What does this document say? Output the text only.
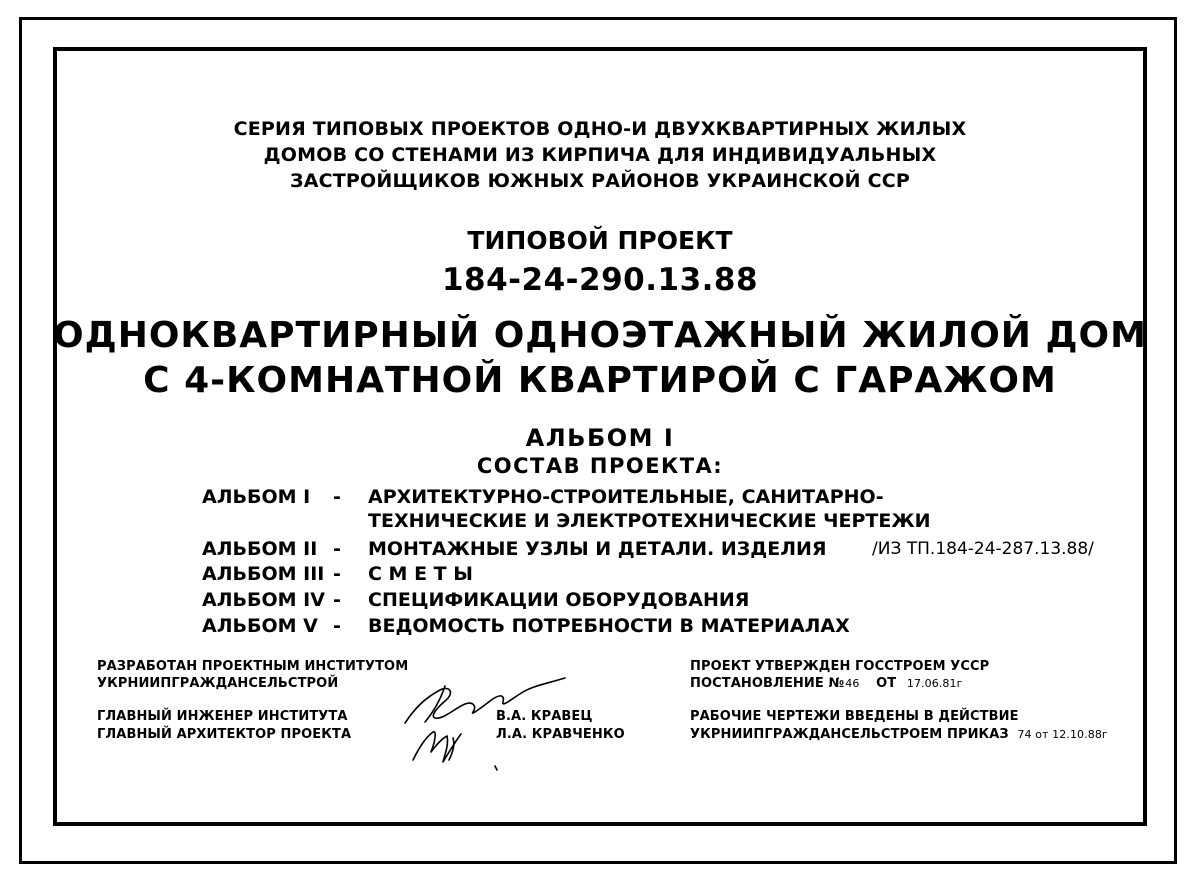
СЕРИЯ ТИПОВЫХ ПРОЕКТОВ ОДНО-И ДВУХКВАРТИРНЫХ ЖИЛЫХ

ДОМОВ СО СТЕНАМИ ИЗ КИРПИЧА ДЛЯ ИНДИВИДУАЛЬНЫХ

ЗАСТРОЙЩИКОВ ЮЖНЫХ РАЙОНОВ УКРАИНСКОЙ ССР

ТИПОВОЙ ПРОЕКТ

184-24-290.13.88

ОДНОКВАРТИРНЫЙ ОДНОЭТАЖНЫЙ ЖИЛОЙ ДОМ

С 4-КОМНАТНОЙ КВАРТИРОЙ С ГАРАЖОМ

АЛЬБОМ I

СОСТАВ ПРОЕКТА:

АЛЬБОМ I - АРХИТЕКТУРНО-СТРОИТЕЛЬНЫЕ, САНИТАРНО-

ТЕХНИЧЕСКИЕ И ЭЛЕКТРОТЕХНИЧЕСКИЕ ЧЕРТЕЖИ

АЛЬБОМ II - МОНТАЖНЫЕ УЗЛЫ И ДЕТАЛИ. ИЗДЕЛИЯ	/ИЗ ТП.184-24-287.13.88/

АЛЬБОМ III - С М Е Т Ы

АЛЬБОМ IV - СПЕЦИФИКАЦИИ ОБОРУДОВАНИЯ

АЛЬБОМ V - ВЕДОМОСТЬ ПОТРЕБНОСТИ В МАТЕРИАЛАХ

РАЗРАБОТАН ПРОЕКТНЫМ ИНСТИТУТОМ

УКРНИИПГРАЖДАНСЕЛЬСТРОЙ

ГЛАВНЫЙ ИНЖЕНЕР ИНСТИТУТА	В.А. КРАВЕЦ

ГЛАВНЫЙ АРХИТЕКТОР ПРОЕКТА	Л.А. КРАВЧЕНКО

ПРОЕКТ УТВЕРЖДЕН ГОССТРОЕМ УССР

ПОСТАНОВЛЕНИЕ №46 ОТ 17.06.81г

РАБОЧИЕ ЧЕРТЕЖИ ВВЕДЕНЫ В ДЕЙСТВИЕ

УКРНИИПГРАЖДАНСЕЛЬСТРОЕМ ПРИКАЗ 74 от 12.10.88г
